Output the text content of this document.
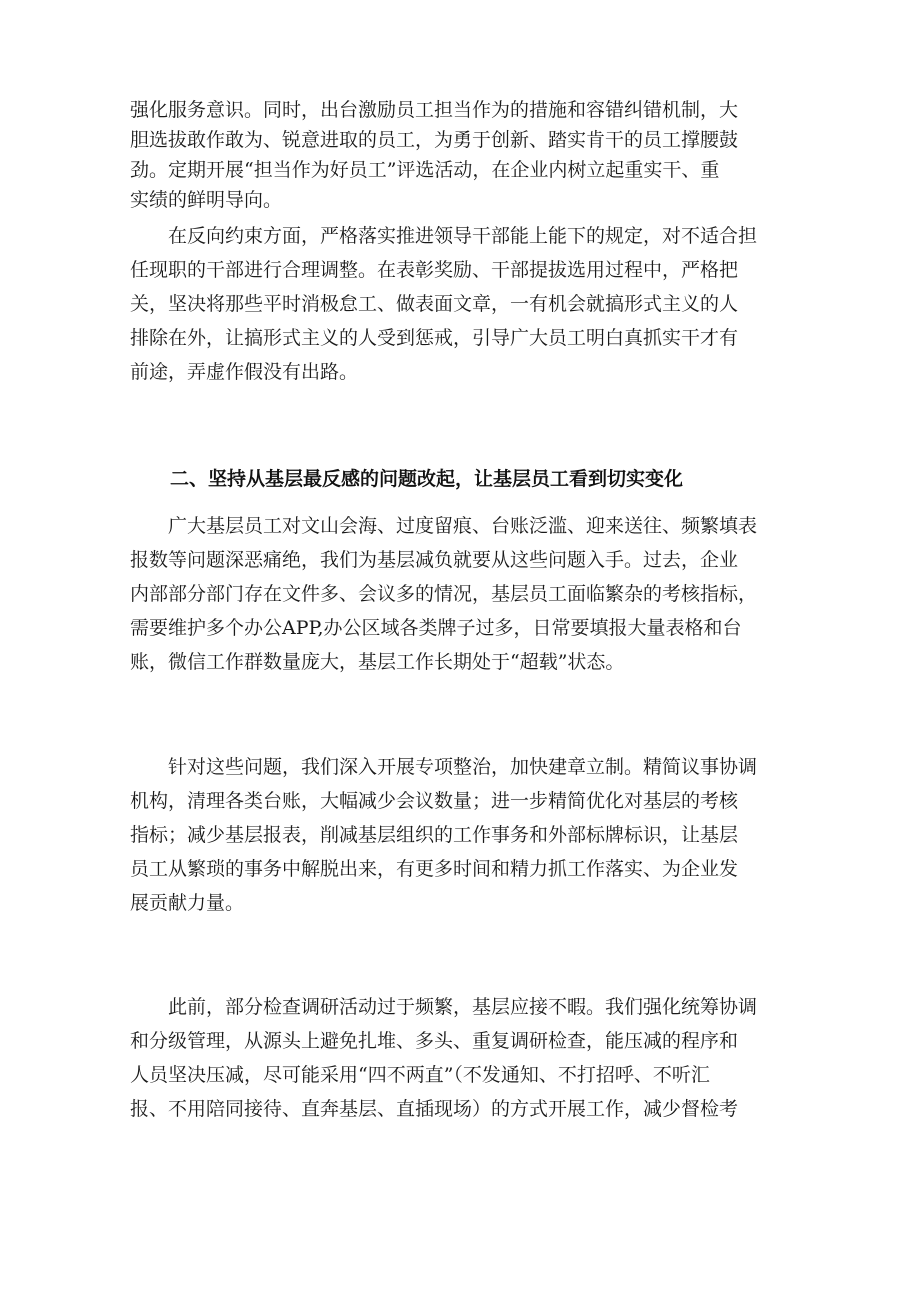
强化服务意识。同时，出台激励员工担当作为的措施和容错纠错机制，大
胆选拔敢作敢为、锐意进取的员工，为勇于创新、踏实肯干的员工撑腰鼓
劲。定期开展“担当作为好员工”评选活动，在企业内树立起重实干、重
实绩的鲜明导向。

　　在反向约束方面，严格落实推进领导干部能上能下的规定，对不适合担
任现职的干部进行合理调整。在表彰奖励、干部提拔选用过程中，严格把
关，坚决将那些平时消极怠工、做表面文章，一有机会就搞形式主义的人
排除在外，让搞形式主义的人受到惩戒，引导广大员工明白真抓实干才有
前途，弄虚作假没有出路。

二、坚持从基层最反感的问题改起，让基层员工看到切实变化

　　广大基层员工对文山会海、过度留痕、台账泛滥、迎来送往、频繁填表
报数等问题深恶痛绝，我们为基层减负就要从这些问题入手。过去，企业
内部部分部门存在文件多、会议多的情况，基层员工面临繁杂的考核指标，
需要维护多个办公APP,办公区域各类牌子过多，日常要填报大量表格和台
账，微信工作群数量庞大，基层工作长期处于“超载”状态。

　　针对这些问题，我们深入开展专项整治，加快建章立制。精简议事协调
机构，清理各类台账，大幅减少会议数量；进一步精简优化对基层的考核
指标；减少基层报表，削减基层组织的工作事务和外部标牌标识，让基层
员工从繁琐的事务中解脱出来，有更多时间和精力抓工作落实、为企业发
展贡献力量。

　　此前，部分检查调研活动过于频繁，基层应接不暇。我们强化统筹协调
和分级管理，从源头上避免扎堆、多头、重复调研检查，能压减的程序和
人员坚决压减，尽可能采用“四不两直”（不发通知、不打招呼、不听汇
报、不用陪同接待、直奔基层、直插现场）的方式开展工作，减少督检考
